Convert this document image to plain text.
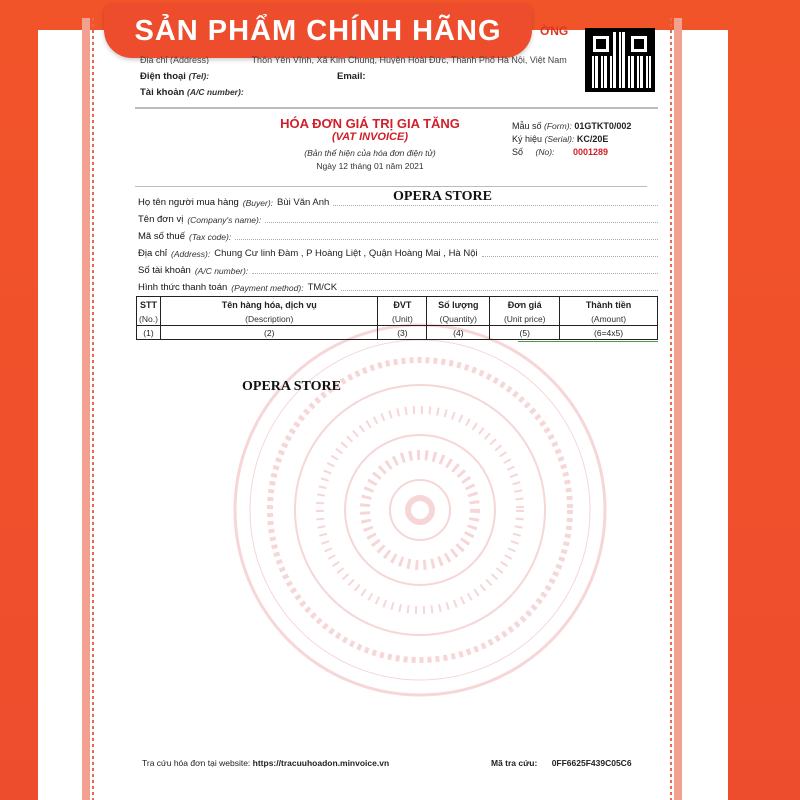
SẢN PHẨM CHÍNH HÃNG	ỜNG
Địa chỉ (Address)	Thôn Yên Vĩnh, Xã Kim Chung, Huyện Hoài Đức, Thành Phố Hà Nội, Việt Nam
Điện thoại (Tel):	Email:
Tài khoản (A/C number):
HÓA ĐƠN GIÁ TRỊ GIA TĂNG
(VAT INVOICE)
(Bản thể hiện của hóa đơn điện tử)
Ngày 12 tháng 01 năm 2021
Mẫu số (Form): 01GTKT0/002
Ký hiệu (Serial): KC/20E
Số (No): 0001289
Họ tên người mua hàng (Buyer): Bùi Văn Anh
Tên đơn vị (Company's name):
Mã số thuế (Tax code):
Địa chỉ (Address): Chung Cư linh Đàm , P Hoàng Liệt , Quận Hoàng Mai , Hà Nội
Số tài khoản (A/C number):
Hình thức thanh toán (Payment method): TM/CK
OPERA STORE
STT	Tên hàng hóa, dịch vụ	ĐVT	Số lượng	Đơn giá	Thành tiền
(No.)	(Description)	(Unit)	(Quantity)	(Unit price)	(Amount)
(1)	(2)	(3)	(4)	(5)	(6=4x5)
OPERA STORE
Tra cứu hóa đơn tại website: https://tracuuhoadon.minvoice.vn	Mã tra cứu: 0FF6625F439C05C6
